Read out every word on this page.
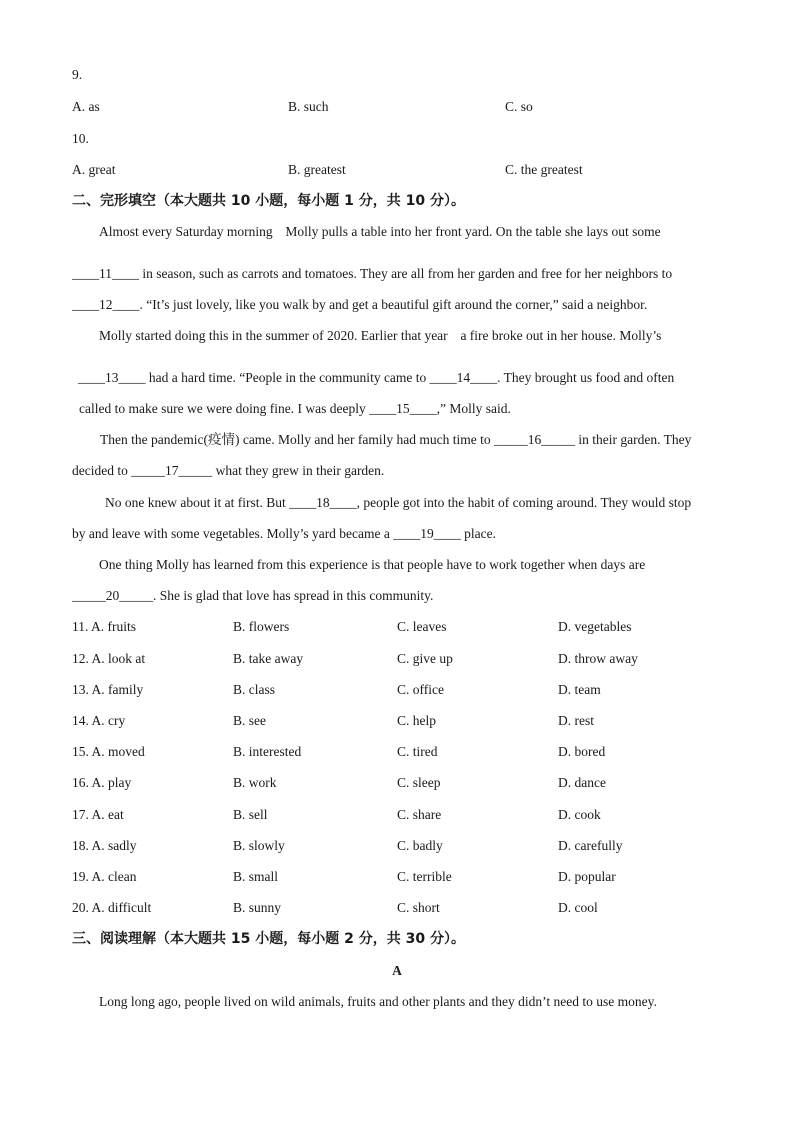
9.
A. as	B. such	C. so
10.
A. great	B. greatest	C. the greatest
二、完形填空（本大题共 10 小题，每小题 1 分，共 10 分）。
Almost every Saturday morning Molly pulls a table into her front yard. On the table she lays out some
____11____ in season, such as carrots and tomatoes. They are all from her garden and free for her neighbors to
____12____. “It’s just lovely, like you walk by and get a beautiful gift around the corner,” said a neighbor.
Molly started doing this in the summer of 2020. Earlier that year a fire broke out in her house. Molly’s
____13____ had a hard time. “People in the community came to ____14____. They brought us food and often
called to make sure we were doing fine. I was deeply ____15____,” Molly said.
Then the pandemic(疫情) came. Molly and her family had much time to _____16_____ in their garden. They
decided to _____17_____ what they grew in their garden.
No one knew about it at first. But ____18____, people got into the habit of coming around. They would stop
by and leave with some vegetables. Molly’s yard became a ____19____ place.
One thing Molly has learned from this experience is that people have to work together when days are
_____20_____. She is glad that love has spread in this community.
11. A. fruits	B. flowers	C. leaves	D. vegetables
12. A. look at	B. take away	C. give up	D. throw away
13. A. family	B. class	C. office	D. team
14. A. cry	B. see	C. help	D. rest
15. A. moved	B. interested	C. tired	D. bored
16. A. play	B. work	C. sleep	D. dance
17. A. eat	B. sell	C. share	D. cook
18. A. sadly	B. slowly	C. badly	D. carefully
19. A. clean	B. small	C. terrible	D. popular
20. A. difficult	B. sunny	C. short	D. cool
三、阅读理解（本大题共 15 小题，每小题 2 分，共 30 分）。
A
Long long ago, people lived on wild animals, fruits and other plants and they didn’t need to use money.
